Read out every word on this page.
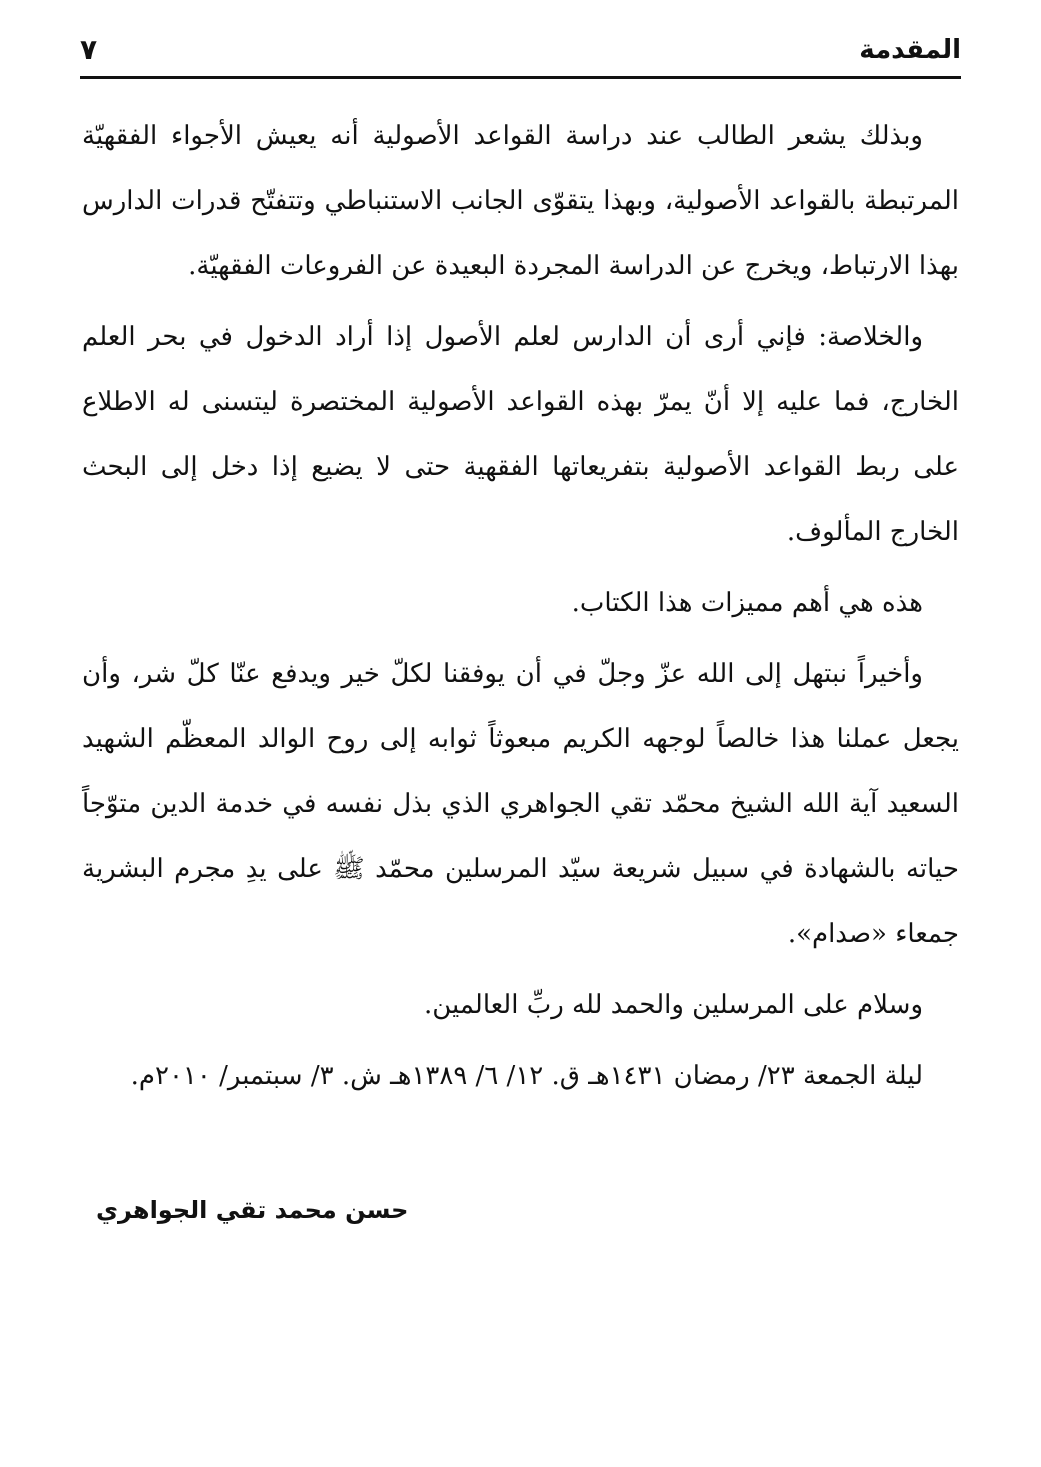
المقدمة
٧

وبذلك يشعر الطالب عند دراسة القواعد الأصولية أنه يعيش الأجواء الفقهيّة المرتبطة بالقواعد الأصولية، وبهذا يتقوّى الجانب الاستنباطي وتتفتّح قدرات الدارس بهذا الارتباط، ويخرج عن الدراسة المجردة البعيدة عن الفروعات الفقهيّة.

والخلاصة: فإني أرى أن الدارس لعلم الأصول إذا أراد الدخول في بحر العلم الخارج، فما عليه إلا أنّ يمرّ بهذه القواعد الأصولية المختصرة ليتسنى له الاطلاع على ربط القواعد الأصولية بتفريعاتها الفقهية حتى لا يضيع إذا دخل إلى البحث الخارج المألوف.

هذه هي أهم مميزات هذا الكتاب.

وأخيراً نبتهل إلى الله عزّ وجلّ في أن يوفقنا لكلّ خير ويدفع عنّا كلّ شر، وأن يجعل عملنا هذا خالصاً لوجهه الكريم مبعوثاً ثوابه إلى روح الوالد المعظّم الشهيد السعيد آية الله الشيخ محمّد تقي الجواهري الذي بذل نفسه في خدمة الدين متوّجاً حياته بالشهادة في سبيل شريعة سيّد المرسلين محمّد ﷺ على يدِ مجرم البشرية جمعاء «صدام».

وسلام على المرسلين والحمد لله ربِّ العالمين.

ليلة الجمعة ٢٣/ رمضان ١٤٣١هـ ق. ١٢/ ٦/ ١٣٨٩هـ ش. ٣/ سبتمبر/ ٢٠١٠م.

حسن محمد تقي الجواهري
